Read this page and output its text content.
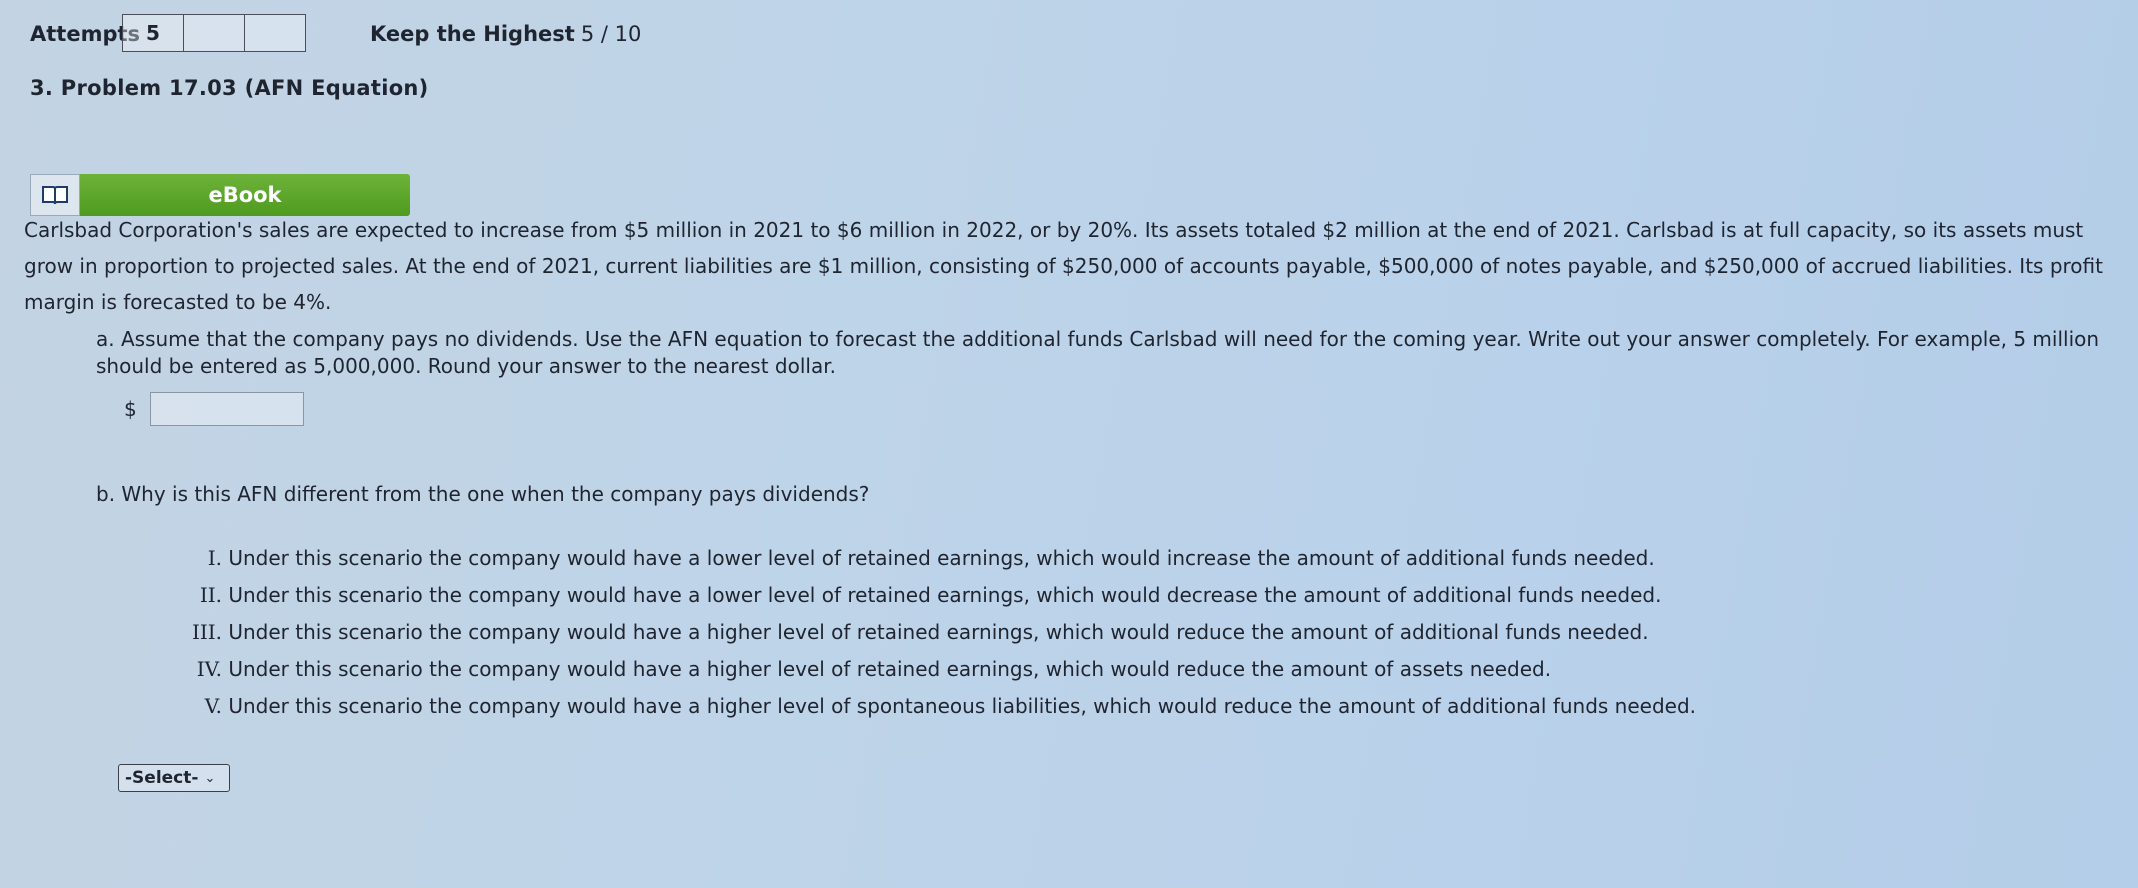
Attempts 5	Keep the Highest 5 / 10
3. Problem 17.03 (AFN Equation)
eBook
Carlsbad Corporation's sales are expected to increase from $5 million in 2021 to $6 million in 2022, or by 20%. Its assets totaled $2 million at the end of 2021. Carlsbad is at full capacity, so its assets must grow in proportion to projected sales. At the end of 2021, current liabilities are $1 million, consisting of $250,000 of accounts payable, $500,000 of notes payable, and $250,000 of accrued liabilities. Its profit margin is forecasted to be 4%.
a. Assume that the company pays no dividends. Use the AFN equation to forecast the additional funds Carlsbad will need for the coming year. Write out your answer completely. For example, 5 million should be entered as 5,000,000. Round your answer to the nearest dollar.
$
b. Why is this AFN different from the one when the company pays dividends?
I. Under this scenario the company would have a lower level of retained earnings, which would increase the amount of additional funds needed.
II. Under this scenario the company would have a lower level of retained earnings, which would decrease the amount of additional funds needed.
III. Under this scenario the company would have a higher level of retained earnings, which would reduce the amount of additional funds needed.
IV. Under this scenario the company would have a higher level of retained earnings, which would reduce the amount of assets needed.
V. Under this scenario the company would have a higher level of spontaneous liabilities, which would reduce the amount of additional funds needed.
-Select- ⌄
